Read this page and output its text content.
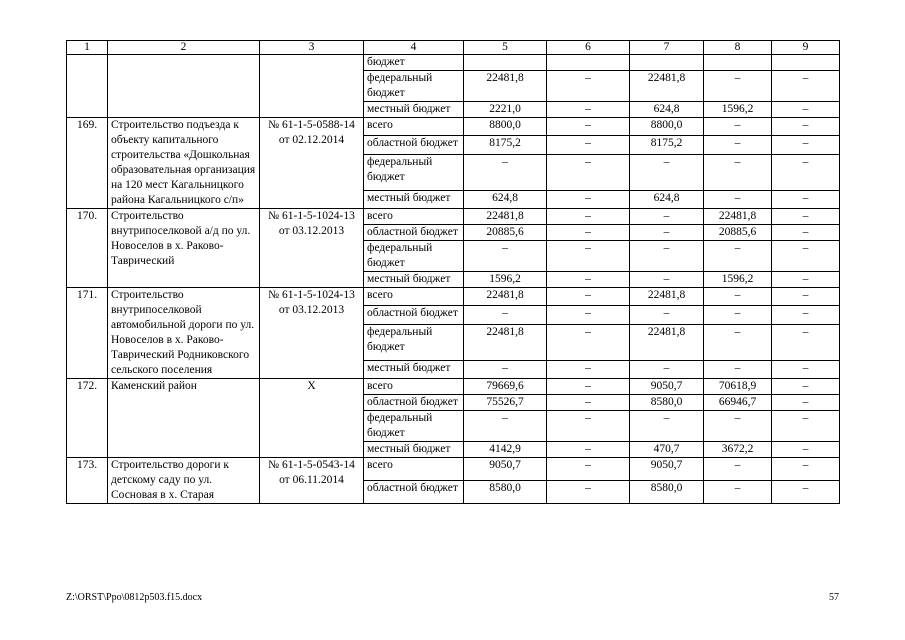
1	2	3	4	5	6	7	8	9
			бюджет					
			федеральный бюджет	22481,8	–	22481,8	–	–
			местный бюджет	2221,0	–	624,8	1596,2	–
169.	Строительство подъезда к объекту капитального строительства «Дошкольная образовательная организация на 120 мест Кагальницкого района Кагальницкого с/п»	№ 61-1-5-0588-14 от 02.12.2014	всего	8800,0	–	8800,0	–	–
			областной бюджет	8175,2	–	8175,2	–	–
			федеральный бюджет	–	–	–	–	–
			местный бюджет	624,8	–	624,8	–	–
170.	Строительство внутрипоселковой а/д по ул. Новоселов в х. Раково-Таврический	№ 61-1-5-1024-13 от 03.12.2013	всего	22481,8	–	–	22481,8	–
			областной бюджет	20885,6	–	–	20885,6	–
			федеральный бюджет	–	–	–	–	–
			местный бюджет	1596,2	–	–	1596,2	–
171.	Строительство внутрипоселковой автомобильной дороги по ул. Новоселов в х. Раково-Таврический Родниковского сельского поселения	№ 61-1-5-1024-13 от 03.12.2013	всего	22481,8	–	22481,8	–	–
			областной бюджет	–	–	–	–	–
			федеральный бюджет	22481,8	–	22481,8	–	–
			местный бюджет	–	–	–	–	–
172.	Каменский район	Х	всего	79669,6	–	9050,7	70618,9	–
			областной бюджет	75526,7	–	8580,0	66946,7	–
			федеральный бюджет	–	–	–	–	–
			местный бюджет	4142,9	–	470,7	3672,2	–
173.	Строительство дороги к детскому саду по ул. Сосновая в х. Старая	№ 61-1-5-0543-14 от 06.11.2014	всего	9050,7	–	9050,7	–	–
			областной бюджет	8580,0	–	8580,0	–	–
Z:\ORST\Ppo\0812p503.f15.docx	57
